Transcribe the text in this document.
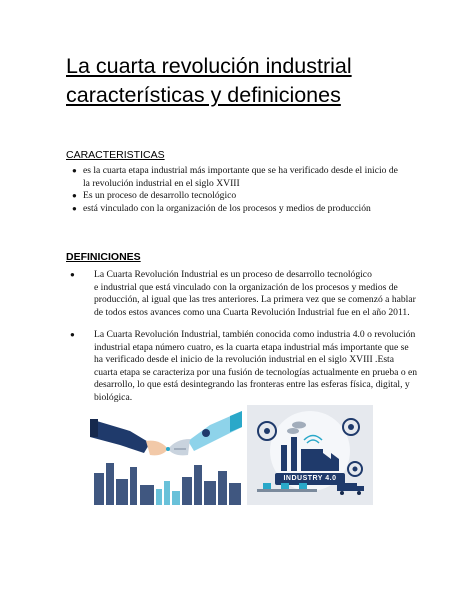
La cuarta revolución industrial
características y definiciones
CARACTERISTICAS
● es la cuarta etapa industrial más importante que se ha verificado desde el inicio de
la revolución industrial en el siglo XVIII
● Es un proceso de desarrollo tecnológico
● está vinculado con la organización de los procesos y medios de producción
DEFINICIONES
● La Cuarta Revolución Industrial es un proceso de desarrollo tecnológico
e industrial que está vinculado con la organización de los procesos y medios de
producción, al igual que las tres anteriores. La primera vez que se comenzó a hablar
de todos estos avances como una Cuarta Revolución Industrial fue en el año 2011.
● La Cuarta Revolución Industrial, también conocida como industria 4.0 o revolución
industrial etapa número cuatro, es la cuarta etapa industrial más importante que se
ha verificado desde el inicio de la revolución industrial en el siglo XVIII .Esta
cuarta etapa se caracteriza por una fusión de tecnologías actualmente en prueba o en
desarrollo, lo que está desintegrando las fronteras entre las esferas física, digital, y
biológica.
INDUSTRY 4.0
